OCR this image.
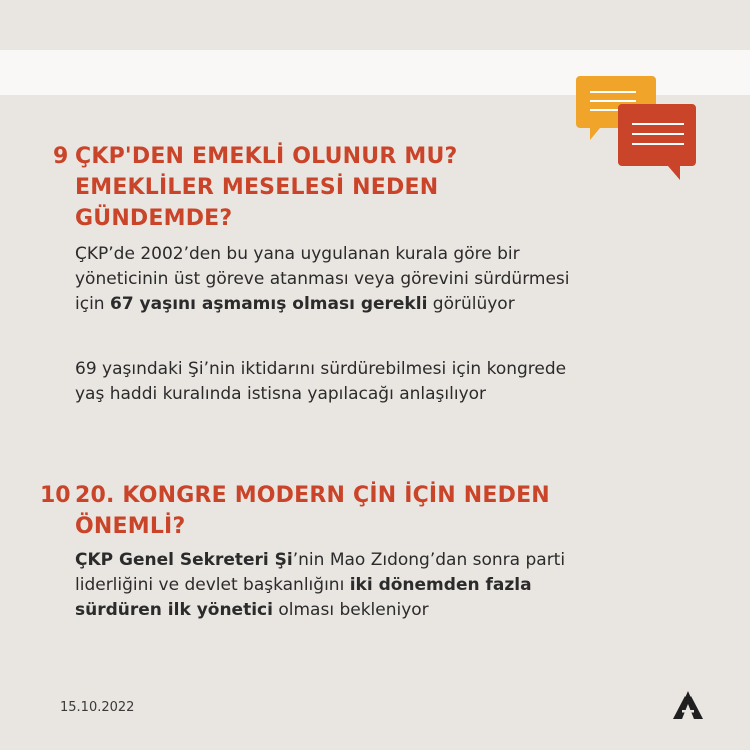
9 ÇKP'DEN EMEKLİ OLUNUR MU?
EMEKLİLER MESELESİ NEDEN
GÜNDEMDE?
ÇKP’de 2002’den bu yana uygulanan kurala göre bir yöneticinin üst göreve atanması veya görevini sürdürmesi için 67 yaşını aşmamış olması gerekli görülüyor
69 yaşındaki Şi’nin iktidarını sürdürebilmesi için kongrede yaş haddi kuralında istisna yapılacağı anlaşılıyor
10 20. KONGRE MODERN ÇİN İÇİN NEDEN
ÖNEMLİ?
ÇKP Genel Sekreteri Şi’nin Mao Zıdong’dan sonra parti liderliğini ve devlet başkanlığını iki dönemden fazla sürdüren ilk yönetici olması bekleniyor
15.10.2022
